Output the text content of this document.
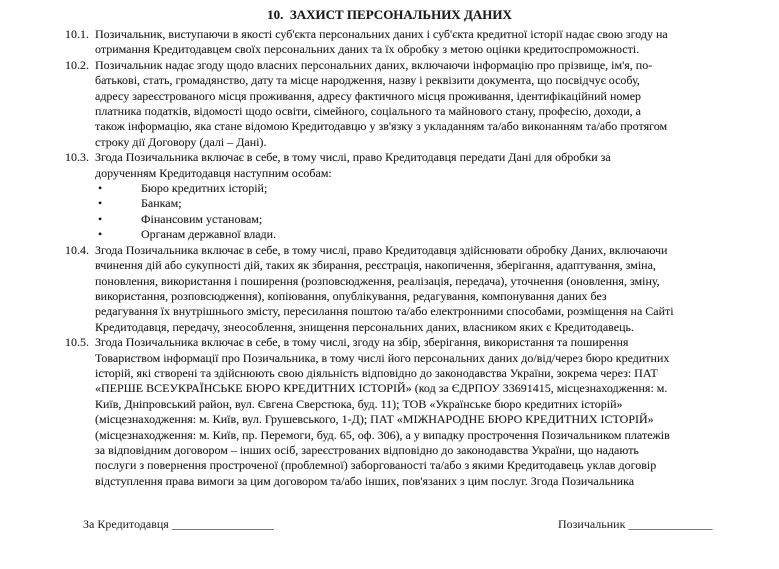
10.  ЗАХИСТ ПЕРСОНАЛЬНИХ ДАНИХ
10.1. Позичальник, виступаючи в якості суб'єкта персональних даних і суб'єкта кредитної історії надає свою згоду на
отримання Кредитодавцем своїх персональних даних та їх обробку з метою оцінки кредитоспроможності.
10.2. Позичальник надає згоду щодо власних персональних даних, включаючи інформацію про прізвище, ім'я, по-
батькові, стать, громадянство, дату та місце народження, назву і реквізити документа, що посвідчує особу,
адресу зареєстрованого місця проживання, адресу фактичного місця проживання, ідентифікаційний номер
платника податків, відомості щодо освіти, сімейного, соціального та майнового стану, професію, доходи, а
також інформацію, яка стане відомою Кредитодавцю у зв'язку з укладанням та/або виконанням та/або протягом
строку дії Договору (далі – Дані).
10.3. Згода Позичальника включає в себе, в тому числі, право Кредитодавця передати Дані для обробки за
дорученням Кредитодавця наступним особам:
•	Бюро кредитних історій;
•	Банкам;
•	Фінансовим установам;
•	Органам державної влади.
10.4. Згода Позичальника включає в себе, в тому числі, право Кредитодавця здійснювати обробку Даних, включаючи
вчинення дій або сукупності дій, таких як збирання, реєстрація, накопичення, зберігання, адаптування, зміна,
поновлення, використання і поширення (розповсюдження, реалізація, передача), уточнення (оновлення, зміну,
використання, розповсюдження), копіювання, опублікування, редагування, компонування даних без
редагування їх внутрішнього змісту, пересилання поштою та/або електронними способами, розміщення на Сайті
Кредитодавця, передачу, знеособлення, знищення персональних даних, власником яких є Кредитодавець.
10.5. Згода Позичальника включає в себе, в тому числі, згоду на збір, зберігання, використання та поширення
Товариством інформації про Позичальника, в тому числі його персональних даних до/від/через бюро кредитних
історій, які створені та здійснюють свою діяльність відповідно до законодавства України, зокрема через: ПАТ
«ПЕРШЕ ВСЕУКРАЇНСЬКЕ БЮРО КРЕДИТНИХ ІСТОРІЙ» (код за ЄДРПОУ 33691415, місцезнаходження: м.
Київ, Дніпровський район, вул. Євгена Сверстюка, буд. 11); ТОВ «Українське бюро кредитних історій»
(місцезнаходження: м. Київ, вул. Грушевського, 1-Д); ПАТ «МІЖНАРОДНЕ БЮРО КРЕДИТНИХ ІСТОРІЙ»
(місцезнаходження: м. Київ, пр. Перемоги, буд. 65, оф. 306), а у випадку прострочення Позичальником платежів
за відповідним договором – інших осіб, зареєстрованих відповідно до законодавства України, що надають
послуги з повернення простроченої (проблемної) заборгованості та/або з якими Кредитодавець уклав договір
відступлення права вимоги за цим договором та/або інших, пов'язаних з цим послуг. Згода Позичальника
За Кредитодавця _________________	Позичальник ______________
